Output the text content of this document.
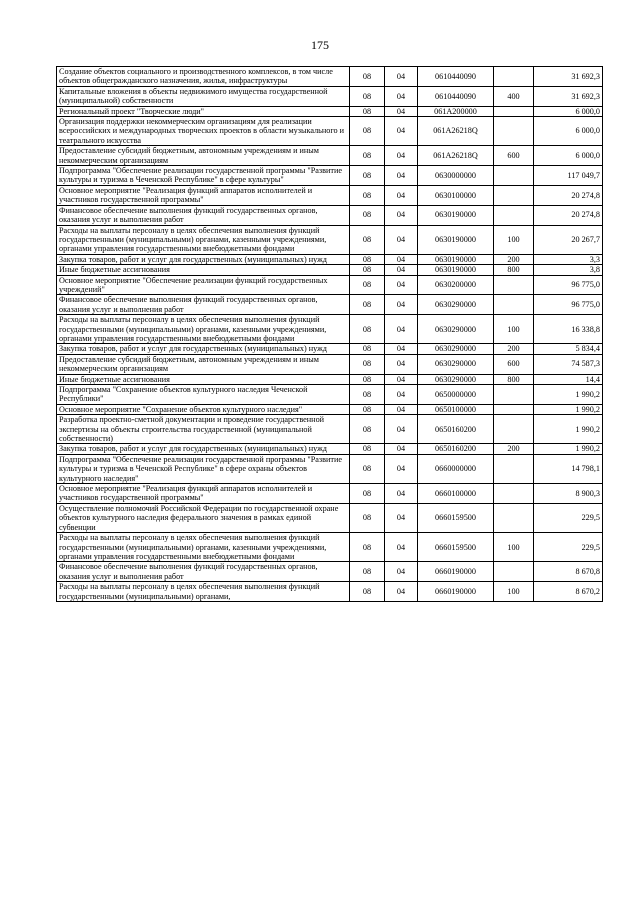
175
Создание объектов социального и производственного комплексов, в том числе объектов общегражданского назначения, жилья, инфраструктуры	08	04	0610440090		31 692,3
Капитальные вложения в объекты недвижимого имущества государственной (муниципальной) собственности	08	04	0610440090	400	31 692,3
Региональный проект "Творческие люди"	08	04	061A200000		6 000,0
Организация поддержки некоммерческим организациям для реализации всероссийских и международных творческих проектов в области музыкального и театрального искусства	08	04	061A26218Q		6 000,0
Предоставление субсидий бюджетным, автономным учреждениям и иным некоммерческим организациям	08	04	061A26218Q	600	6 000,0
Подпрограмма "Обеспечение реализации государственной программы "Развитие культуры и туризма в Чеченской Республике" в сфере культуры"	08	04	0630000000		117 049,7
Основное мероприятие "Реализация функций аппаратов исполнителей и участников государственной программы"	08	04	0630100000		20 274,8
Финансовое обеспечение выполнения функций государственных органов, оказания услуг и выполнения работ	08	04	0630190000		20 274,8
Расходы на выплаты персоналу в целях обеспечения выполнения функций государственными (муниципальными) органами, казенными учреждениями, органами управления государственными внебюджетными фондами	08	04	0630190000	100	20 267,7
Закупка товаров, работ и услуг для государственных (муниципальных) нужд	08	04	0630190000	200	3,3
Иные бюджетные ассигнования	08	04	0630190000	800	3,8
Основное мероприятие "Обеспечение реализации функций государственных учреждений"	08	04	0630200000		96 775,0
Финансовое обеспечение выполнения функций государственных органов, оказания услуг и выполнения работ	08	04	0630290000		96 775,0
Расходы на выплаты персоналу в целях обеспечения выполнения функций государственными (муниципальными) органами, казенными учреждениями, органами управления государственными внебюджетными фондами	08	04	0630290000	100	16 338,8
Закупка товаров, работ и услуг для государственных (муниципальных) нужд	08	04	0630290000	200	5 834,4
Предоставление субсидий бюджетным, автономным учреждениям и иным некоммерческим организациям	08	04	0630290000	600	74 587,3
Иные бюджетные ассигнования	08	04	0630290000	800	14,4
Подпрограмма "Сохранение объектов культурного наследия Чеченской Республики"	08	04	0650000000		1 990,2
Основное мероприятие "Сохранение объектов культурного наследия"	08	04	0650100000		1 990,2
Разработка проектно-сметной документации и проведение государственной экспертизы на объекты строительства государственной (муниципальной собственности)	08	04	0650160200		1 990,2
Закупка товаров, работ и услуг для государственных (муниципальных) нужд	08	04	0650160200	200	1 990,2
Подпрограмма "Обеспечение реализации государственной программы "Развитие культуры и туризма в Чеченской Республике" в сфере охраны объектов культурного наследия"	08	04	0660000000		14 798,1
Основное мероприятие "Реализация функций аппаратов исполнителей и участников государственной программы"	08	04	0660100000		8 900,3
Осуществление полномочий Российской Федерации по государственной охране объектов культурного наследия федерального значения в рамках единой субвенции	08	04	0660159500		229,5
Расходы на выплаты персоналу в целях обеспечения выполнения функций государственными (муниципальными) органами, казенными учреждениями, органами управления государственными внебюджетными фондами	08	04	0660159500	100	229,5
Финансовое обеспечение выполнения функций государственных органов, оказания услуг и выполнения работ	08	04	0660190000		8 670,8
Расходы на выплаты персоналу в целях обеспечения выполнения функций государственными (муниципальными) органами,	08	04	0660190000	100	8 670,2
